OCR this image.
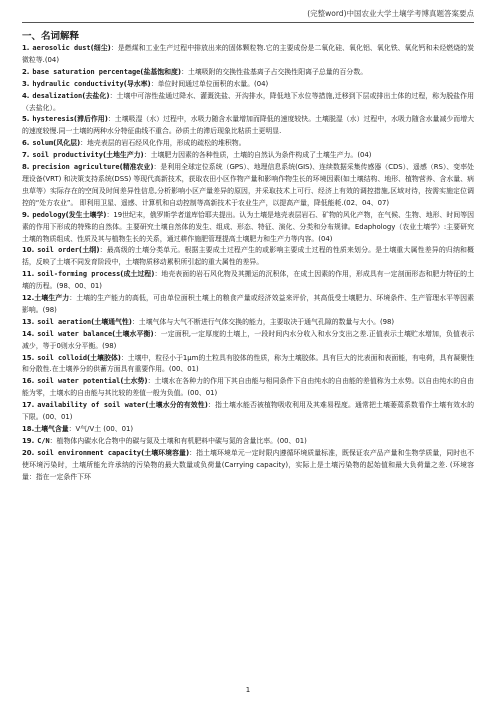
(完整word)中国农业大学土壤学考博真题答案要点
一、名词解释

1. aerosolic dust(细尘)：是燃煤和工业生产过程中排放出来的固体颗粒物.它的主要成份是二氧化硅、氧化铝、氧化铁、氧化钙和未烃燃烧的炭微粒等.(04)

2. base saturation percentage(盐基饱和度)：土壤吸附的交换性盐基离子占交换性阳离子总量的百分数。

3. hydraulic conductivity(导水率)：单位时间通过单位面积的水量。(04)

4. desalization(去盐化)：土壤中可溶性盐通过降水、灌溉洗盐、开沟排水，降低地下水位等措施,迁移到下层或排出土体的过程，称为脱盐作用（去盐化）。

5. hysteresis(滞后作用)：土壤吸湿（水）过程中，水吸力随含水量增加而降低的速度较快。土壤脱湿（水）过程中，水吸力随含水量减少而增大的速度较慢.同一土壤的两种水分特征曲线不重合。砂质土的滞后现象比粘质土更明显.

6. solum(风化层)：地壳表层的岩石经风化作用，形成的疏松的堆积物。

7. soil productivity(土地生产力)：土壤肥力因素的各种性质，土壤的自然认为条件构成了土壤生产力。(04)

8. precision agriculture(精准农业)：是利用全球定位系统（GPS）、地理信息系统(GIS)、连续数据采集传感器（CDS）、遥感（RS）、变率处理设备(VRT) 和决策支持系统(DSS) 等现代高新技术，获取农田小区作物产量和影响作物生长的环境因素(如土壤结构、地形、植物营养、含水量、病虫草等）实际存在的空间及时间差异性信息,分析影响小区产量差异的原因，并采取技术上可行、经济上有效的调控措施,区域对待，按需实施定位调控的“处方农业”。 即利用卫星、遥感、计算机和自动控制等高新技术于农业生产，以提高产量，降低能耗.(02、04、07)

9. pedology(发生土壤学)：19世纪末，俄罗斯学者道库恰耶夫提出。认为土壤是地壳表层岩石、矿物的风化产物，在气候、生物、地形、时间等因素的作用下形成的特殊的自然体。主要研究土壤自然体的发生、组成、形态、特征、演化、分类和分布规律。Edaphology（农业土壤学）:主要研究土壤的物质组成、性质及其与植物生长的关系，通过耕作施肥管理提高土壤肥力和生产力等内容。(04)

10. soil order(土纲)：最高级的土壤分类单元。根据主要成土过程产生的或影响主要成土过程的性质来划分。是土壤重大属性差异的归纳和概括，反映了土壤不同发育阶段中，土壤物质移动累积所引起的重大属性的差异。

11. soil-forming process(成土过程)：地壳表面的岩石风化物及其搬运的沉积体，在成土因素的作用，形成具有一定剖面形态和肥力特征的土壤的历程。(98、00、01)

12.土壤生产力：土壤的生产能力的高低，可由单位面积土壤上的粮食产量或经济效益来评价，其高低受土壤肥力、环境条件、生产管理水平等因素影响。(98)

13. soil aeration(土壤通气性)：土壤气体与大气不断进行气体交换的能力，主要取决于通气孔隙的数量与大小。(98)

14. soil water balance(土壤水平衡)：一定面积,一定厚度的土壤上，一段时间内水分收入和水分支出之差.正值表示土壤贮水增加，负值表示减少，等于0则水分平衡。(98)

15. soil colloid(土壤胶体)：土壤中，粒径小于1μm的土粒具有胶体的性质，称为土壤胶体。具有巨大的比表面和表面能，有电荷，具有凝聚性和分散性.在土壤养分的供蓄方面具有重要作用。(00、01)

16. soil water potential(土水势)：土壤水在各种力的作用下其自由能与相同条件下自由纯水的自由能的差值称为土水势。以自由纯水的自由能为零，土壤水的自由能与其比较的差值一般为负值。(00、01)

17. availability of soil water(土壤水分的有效性)：指土壤水能否被植物吸收利用及其难易程度。通常把土壤萎蔫系数看作土壤有效水的下限。(00、01)

18.土壤气含量：V气/V土 (00、01)

19. C/N：植物体内碳水化合物中的碳与氮及土壤和有机肥料中碳与氮的含量比率。(00、01)

20. soil environment capacity(土壤环境容量)：指土壤环境单元一定时限内遵循环境质量标准，既保证农产品产量和生物学质量，同时也不使环境污染时，土壤所能允许承纳的污染物的最大数量或负荷量(Carrying capacity)，实际上是土壤污染物的起始值和最大负荷量之差. (环境容量：指在一定条件下环

1
